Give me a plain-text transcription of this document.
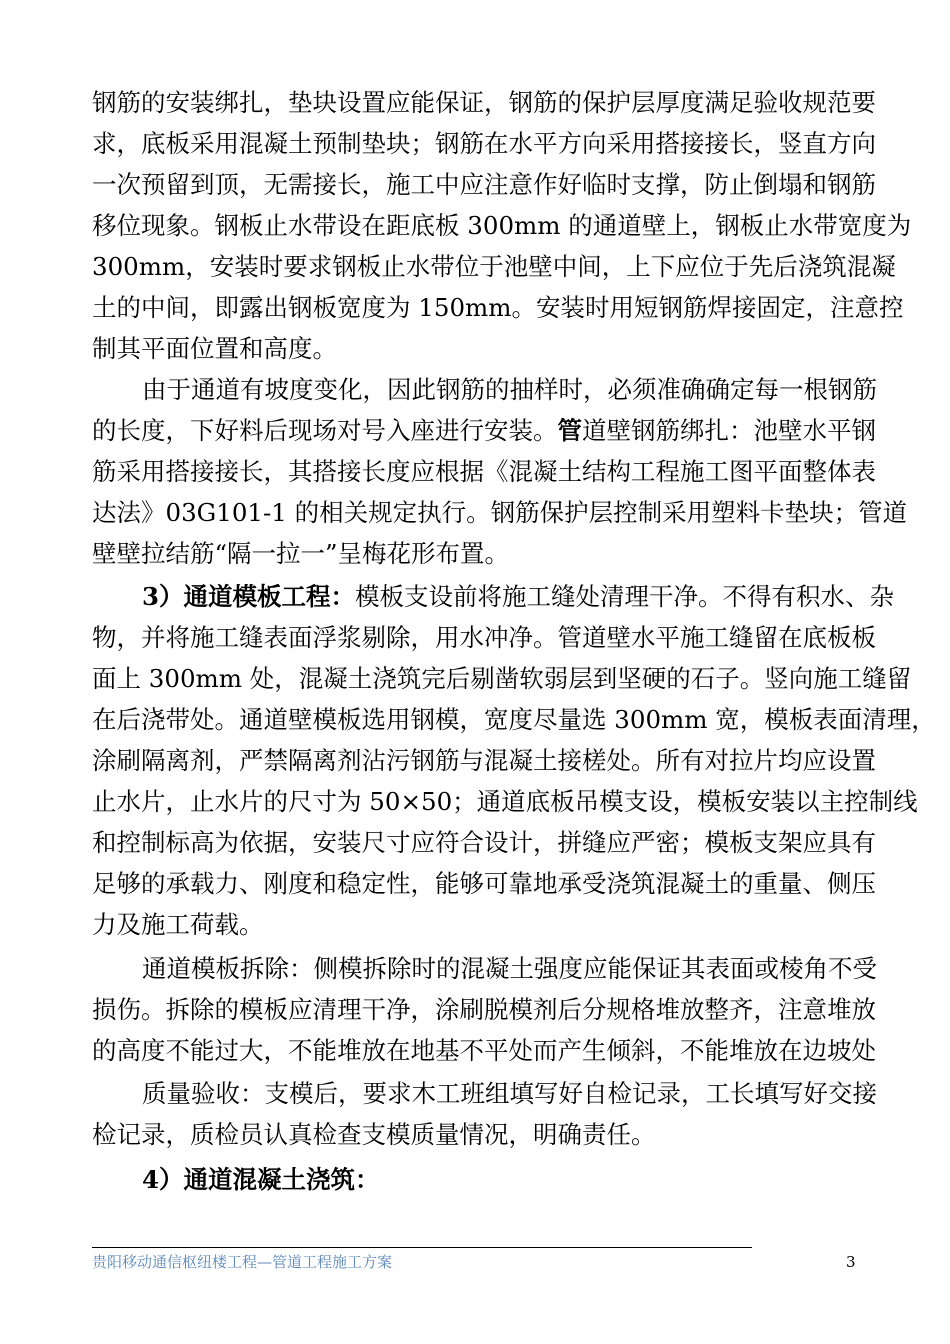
钢筋的安装绑扎，垫块设置应能保证，钢筋的保护层厚度满足验收规范要
求，底板采用混凝土预制垫块；钢筋在水平方向采用搭接接长，竖直方向
一次预留到顶，无需接长，施工中应注意作好临时支撑，防止倒塌和钢筋
移位现象。钢板止水带设在距底板 300mm 的通道壁上，钢板止水带宽度为
300mm，安装时要求钢板止水带位于池壁中间，上下应位于先后浇筑混凝
土的中间，即露出钢板宽度为 150mm。安装时用短钢筋焊接固定，注意控
制其平面位置和高度。
由于通道有坡度变化，因此钢筋的抽样时，必须准确确定每一根钢筋
的长度，下好料后现场对号入座进行安装。管道壁钢筋绑扎：池壁水平钢
筋采用搭接接长，其搭接长度应根据《混凝土结构工程施工图平面整体表
达法》03G101-1 的相关规定执行。钢筋保护层控制采用塑料卡垫块；管道
壁壁拉结筋“隔一拉一”呈梅花形布置。
3）通道模板工程：模板支设前将施工缝处清理干净。不得有积水、杂
物，并将施工缝表面浮浆剔除，用水冲净。管道壁水平施工缝留在底板板
面上 300mm 处，混凝土浇筑完后剔凿软弱层到坚硬的石子。竖向施工缝留
在后浇带处。通道壁模板选用钢模，宽度尽量选 300mm 宽，模板表面清理，
涂刷隔离剂，严禁隔离剂沾污钢筋与混凝土接槎处。所有对拉片均应设置
止水片，止水片的尺寸为 50×50；通道底板吊模支设，模板安装以主控制线
和控制标高为依据，安装尺寸应符合设计，拼缝应严密；模板支架应具有
足够的承载力、刚度和稳定性，能够可靠地承受浇筑混凝土的重量、侧压
力及施工荷载。
通道模板拆除：侧模拆除时的混凝土强度应能保证其表面或棱角不受
损伤。拆除的模板应清理干净，涂刷脱模剂后分规格堆放整齐，注意堆放
的高度不能过大，不能堆放在地基不平处而产生倾斜，不能堆放在边坡处
质量验收：支模后，要求木工班组填写好自检记录，工长填写好交接
检记录，质检员认真检查支模质量情况，明确责任。
4）通道混凝土浇筑：
贵阳移动通信枢纽楼工程—管道工程施工方案	3
